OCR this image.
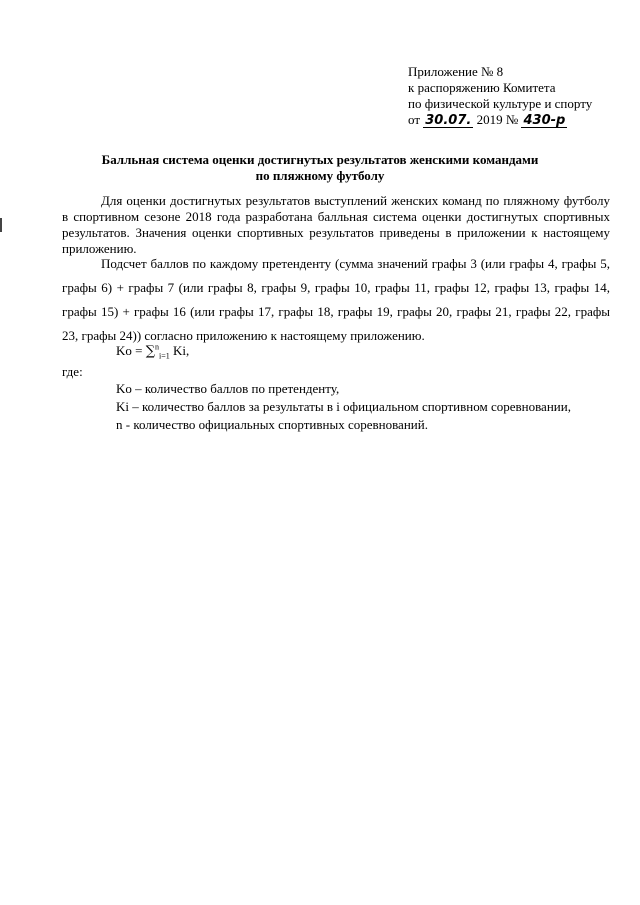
Приложение № 8
к распоряжению Комитета
по физической культуре и спорту
от 30.07. 2019 № 430-р
Балльная система оценки достигнутых результатов женскими командами
по пляжному футболу
Для оценки достигнутых результатов выступлений женских команд по пляжному футболу в спортивном сезоне 2018 года разработана балльная система оценки достигнутых спортивных результатов. Значения оценки спортивных результатов приведены в приложении к настоящему приложению.
Подсчет баллов по каждому претенденту (сумма значений графы 3 (или графы 4, графы 5, графы 6) + графы 7 (или графы 8, графы 9, графы 10, графы 11, графы 12, графы 13, графы 14, графы 15) + графы 16 (или графы 17, графы 18, графы 19, графы 20, графы 21, графы 22, графы 23, графы 24)) согласно приложению к настоящему приложению.
Ko = ∑$^n_{i=1}$ Ki,
где:
Ko – количество баллов по претенденту,
Ki – количество баллов за результаты в i официальном спортивном соревновании,
n - количество официальных спортивных соревнований.
